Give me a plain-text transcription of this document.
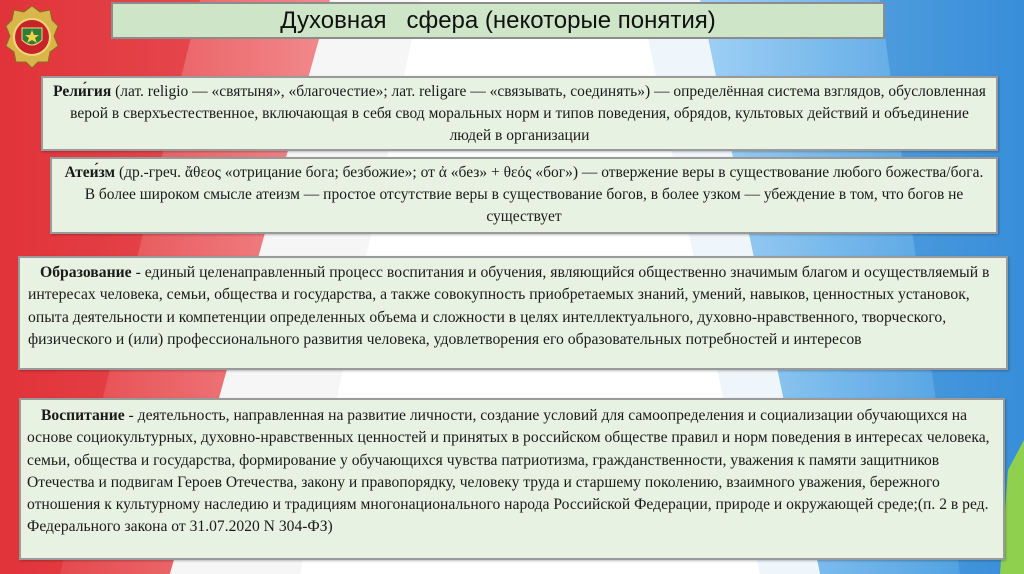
Духовная   сфера (некоторые понятия)
Рели́гия (лат. religio — «святыня», «благочестие»; лат. religare — «связывать, соединять») — определённая система взглядов, обусловленная верой в сверхъестественное, включающая в себя свод моральных норм и типов поведения, обрядов, культовых действий и объединение людей в организации
Атеи́зм (др.-греч. ἄθεος «отрицание бога; безбожие»; от ἀ «без» + θεός «бог») — отвержение веры в существование любого божества/бога. В более широком смысле атеизм — простое отсутствие веры в существование богов, в более узком — убеждение в том, что богов не существует
Образование - единый целенаправленный процесс воспитания и обучения, являющийся общественно значимым благом и осуществляемый в интересах человека, семьи, общества и государства, а также совокупность приобретаемых знаний, умений, навыков, ценностных установок, опыта деятельности и компетенции определенных объема и сложности в целях интеллектуального, духовно-нравственного, творческого, физического и (или) профессионального развития человека, удовлетворения его образовательных потребностей и интересов
Воспитание - деятельность, направленная на развитие личности, создание условий для самоопределения и социализации обучающихся на основе социокультурных, духовно-нравственных ценностей и принятых в российском обществе правил и норм поведения в интересах человека, семьи, общества и государства, формирование у обучающихся чувства патриотизма, гражданственности, уважения к памяти защитников Отечества и подвигам Героев Отечества, закону и правопорядку, человеку труда и старшему поколению, взаимного уважения, бережного отношения к культурному наследию и традициям многонационального народа Российской Федерации, природе и окружающей среде;(п. 2 в ред. Федерального закона от 31.07.2020 N 304-ФЗ)
